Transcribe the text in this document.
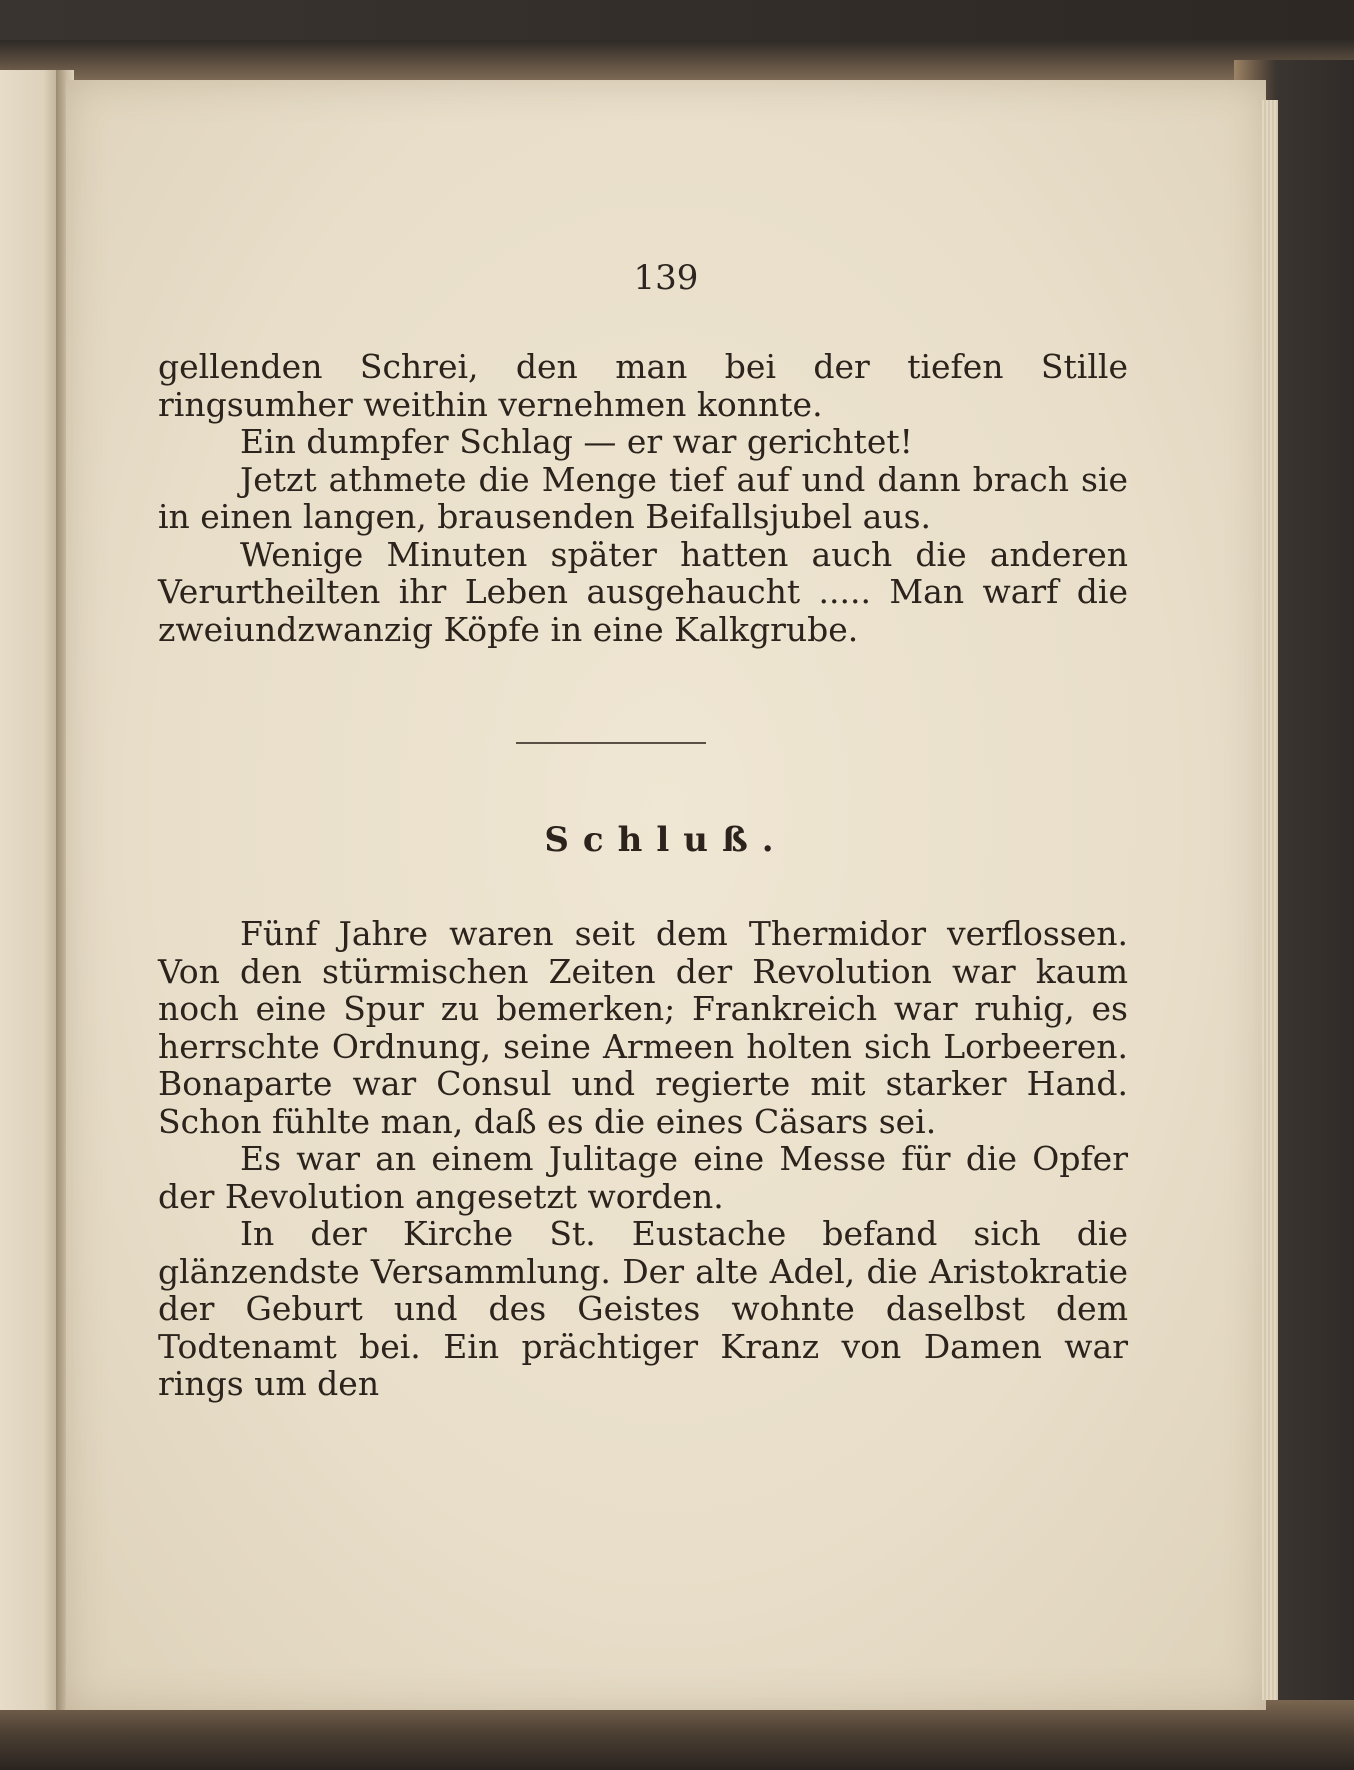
139

gellenden Schrei, den man bei der tiefen Stille ringsumher weithin vernehmen konnte.

Ein dumpfer Schlag — er war gerichtet!

Jetzt athmete die Menge tief auf und dann brach sie in einen langen, brausenden Beifallsjubel aus.

Wenige Minuten später hatten auch die anderen Verurtheilten ihr Leben ausgehaucht ..... Man warf die zweiundzwanzig Köpfe in eine Kalkgrube.

Schluß.

Fünf Jahre waren seit dem Thermidor verflossen. Von den stürmischen Zeiten der Revolution war kaum noch eine Spur zu bemerken; Frankreich war ruhig, es herrschte Ordnung, seine Armeen holten sich Lorbeeren. Bonaparte war Consul und regierte mit starker Hand. Schon fühlte man, daß es die eines Cäsars sei.

Es war an einem Julitage eine Messe für die Opfer der Revolution angesetzt worden.

In der Kirche St. Eustache befand sich die glänzendste Versammlung. Der alte Adel, die Aristokratie der Geburt und des Geistes wohnte daselbst dem Todtenamt bei. Ein prächtiger Kranz von Damen war rings um den
